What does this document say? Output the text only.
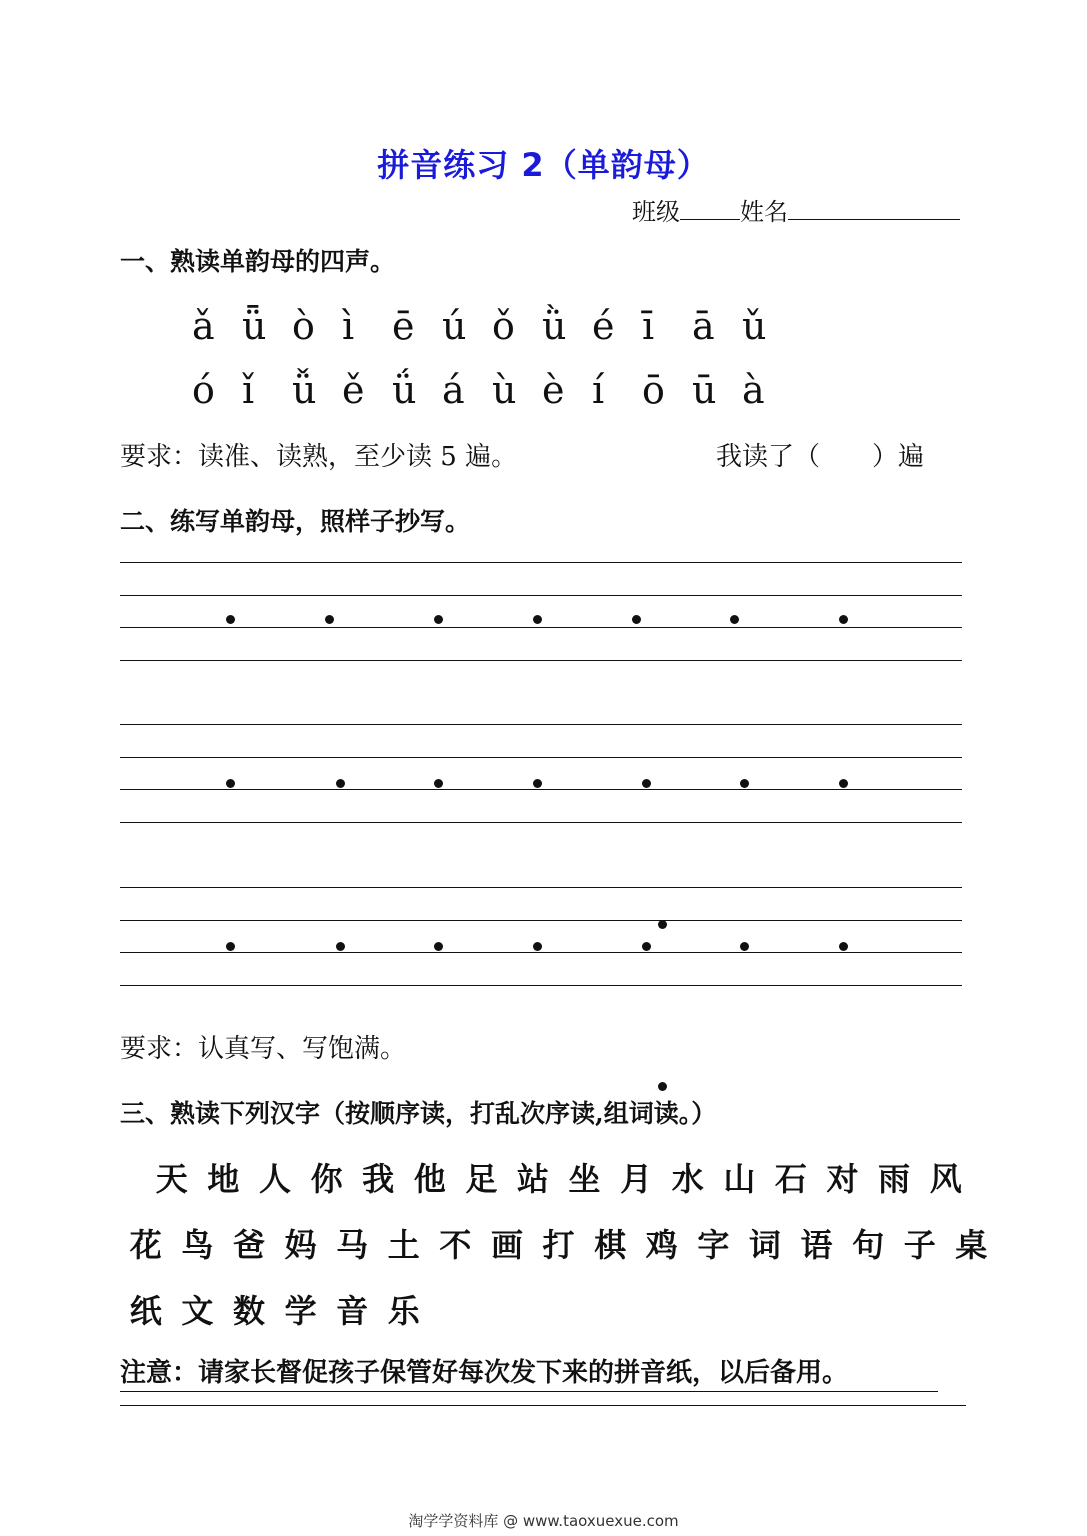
拼音练习 2（单韵母）
班级	姓名
一、熟读单韵母的四声。
ǎ ǖ ò ì ē ú ǒ ǜ é ī ā ǔ
ó ǐ ǚ ě ǘ á ù è í ō ū à
要求：读准、读熟，至少读 5 遍。	我读了（　　）遍
二、练写单韵母，照样子抄写。
要求：认真写、写饱满。
三、熟读下列汉字（按顺序读，打乱次序读,组词读。）
天 地 人 你 我 他 足 站 坐 月 水 山 石 对 雨 风
花 鸟 爸 妈 马 土 不 画 打 棋 鸡 字 词 语 句 子 桌
纸 文 数 学 音 乐
注意：请家长督促孩子保管好每次发下来的拼音纸，以后备用。
淘学学资料库 @ www.taoxuexue.com
